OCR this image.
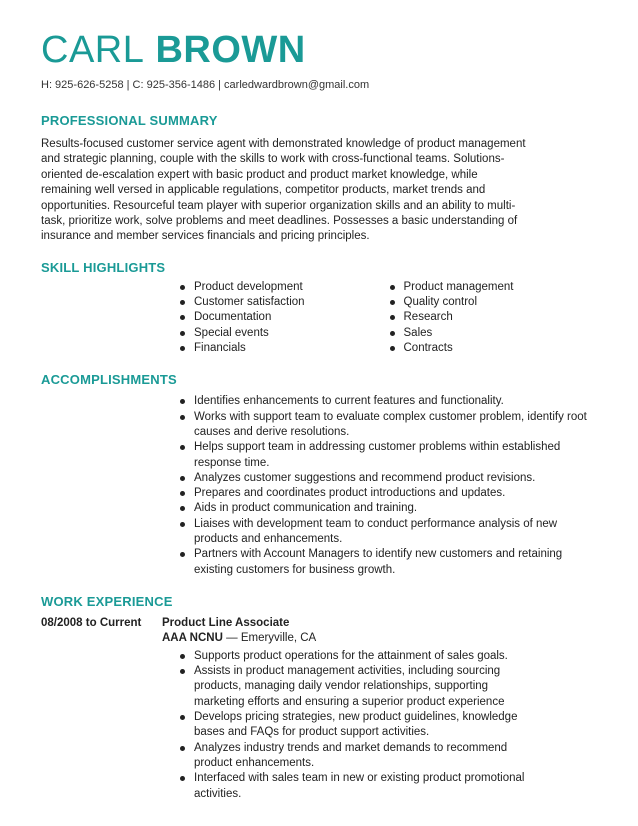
CARL BROWN
H: 925-626-5258 | C: 925-356-1486 | carledwardbrown@gmail.com
PROFESSIONAL SUMMARY

Results-focused customer service agent with demonstrated knowledge of product management and strategic planning, couple with the skills to work with cross-functional teams. Solutions-oriented de-escalation expert with basic product and product market knowledge, while remaining well versed in applicable regulations, competitor products, market trends and opportunities. Resourceful team player with superior organization skills and an ability to multi-task, prioritize work, solve problems and meet deadlines. Possesses a basic understanding of insurance and member services financials and pricing principles.

SKILL HIGHLIGHTS
Product development
Customer satisfaction
Documentation
Special events
Financials
Product management
Quality control
Research
Sales
Contracts
ACCOMPLISHMENTS
Identifies enhancements to current features and functionality.
Works with support team to evaluate complex customer problem, identify root causes and derive resolutions.
Helps support team in addressing customer problems within established response time.
Analyzes customer suggestions and recommend product revisions.
Prepares and coordinates product introductions and updates.
Aids in product communication and training.
Liaises with development team to conduct performance analysis of new products and enhancements.
Partners with Account Managers to identify new customers and retaining existing customers for business growth.
WORK EXPERIENCE
08/2008 to Current	Product Line Associate
AAA NCNU — Emeryville, CA
Supports product operations for the attainment of sales goals.
Assists in product management activities, including sourcing products, managing daily vendor relationships, supporting marketing efforts and ensuring a superior product experience
Develops pricing strategies, new product guidelines, knowledge bases and FAQs for product support activities.
Analyzes industry trends and market demands to recommend product enhancements.
Interfaced with sales team in new or existing product promotional activities.
